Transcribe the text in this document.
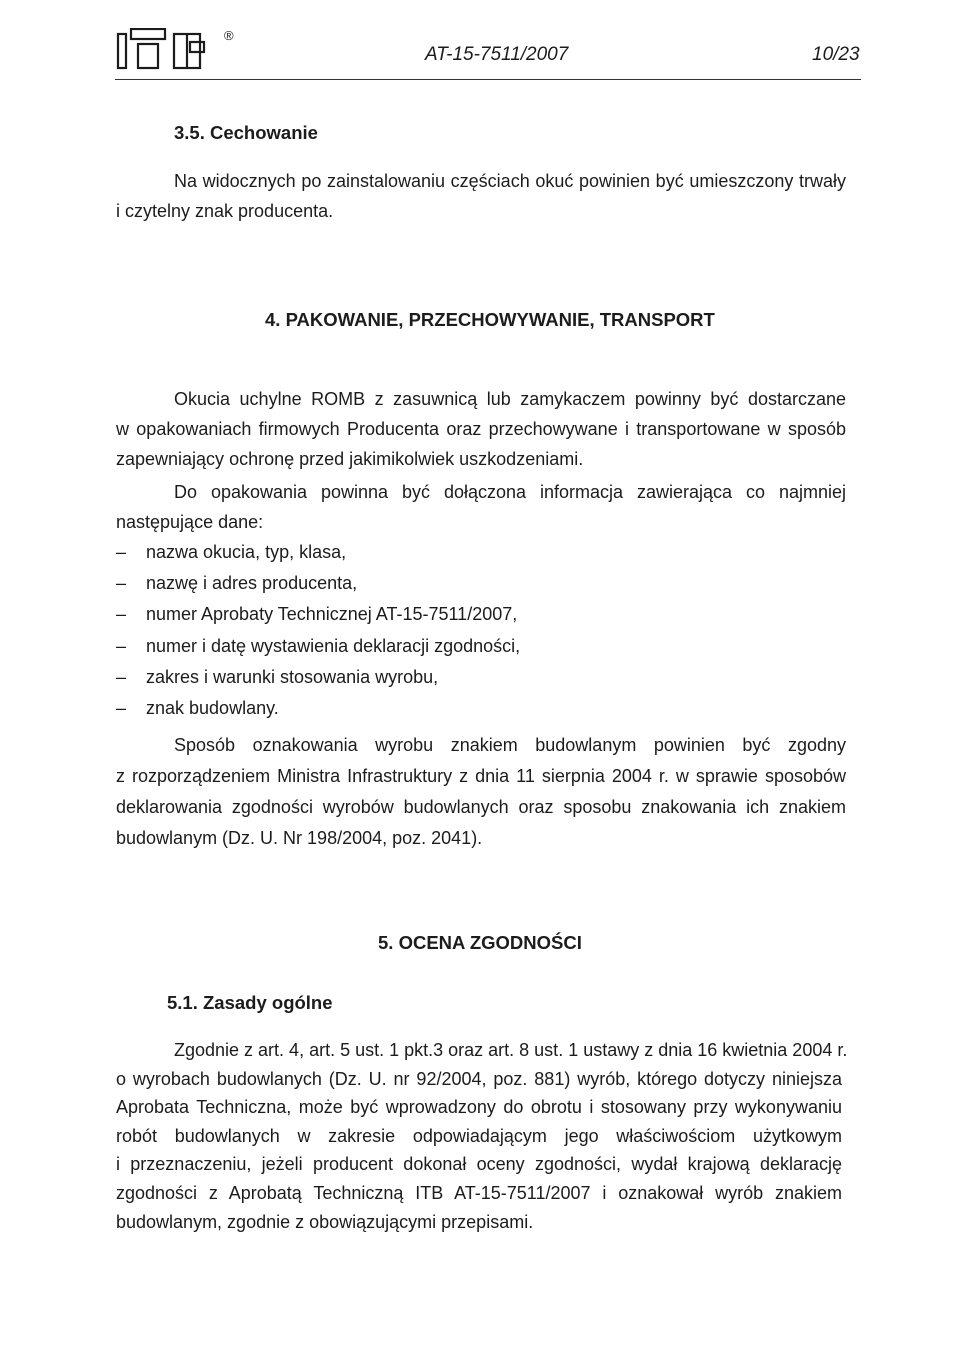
®
AT-15-7511/2007	10/23
3.5. Cechowanie
Na widocznych po zainstalowaniu częściach okuć powinien być umieszczony trwały
i czytelny znak producenta.
4. PAKOWANIE, PRZECHOWYWANIE, TRANSPORT
Okucia uchylne ROMB z zasuwnicą lub zamykaczem powinny być dostarczane
w opakowaniach firmowych Producenta oraz przechowywane i transportowane w sposób
zapewniający ochronę przed jakimikolwiek uszkodzeniami.
Do opakowania powinna być dołączona informacja zawierająca co najmniej
następujące dane:
– nazwa okucia, typ, klasa,
– nazwę i adres producenta,
– numer Aprobaty Technicznej AT-15-7511/2007,
– numer i datę wystawienia deklaracji zgodności,
– zakres i warunki stosowania wyrobu,
– znak budowlany.
Sposób oznakowania wyrobu znakiem budowlanym powinien być zgodny
z rozporządzeniem Ministra Infrastruktury z dnia 11 sierpnia 2004 r. w sprawie sposobów
deklarowania zgodności wyrobów budowlanych oraz sposobu znakowania ich znakiem
budowlanym (Dz. U. Nr 198/2004, poz. 2041).
5. OCENA ZGODNOŚCI
5.1. Zasady ogólne
Zgodnie z art. 4, art. 5 ust. 1 pkt.3 oraz art. 8 ust. 1 ustawy z dnia 16 kwietnia 2004 r.
o wyrobach budowlanych (Dz. U. nr 92/2004, poz. 881) wyrób, którego dotyczy niniejsza
Aprobata Techniczna, może być wprowadzony do obrotu i stosowany przy wykonywaniu
robót budowlanych w zakresie odpowiadającym jego właściwościom użytkowym
i przeznaczeniu, jeżeli producent dokonał oceny zgodności, wydał krajową deklarację
zgodności z Aprobatą Techniczną ITB AT-15-7511/2007 i oznakował wyrób znakiem
budowlanym, zgodnie z obowiązującymi przepisami.
